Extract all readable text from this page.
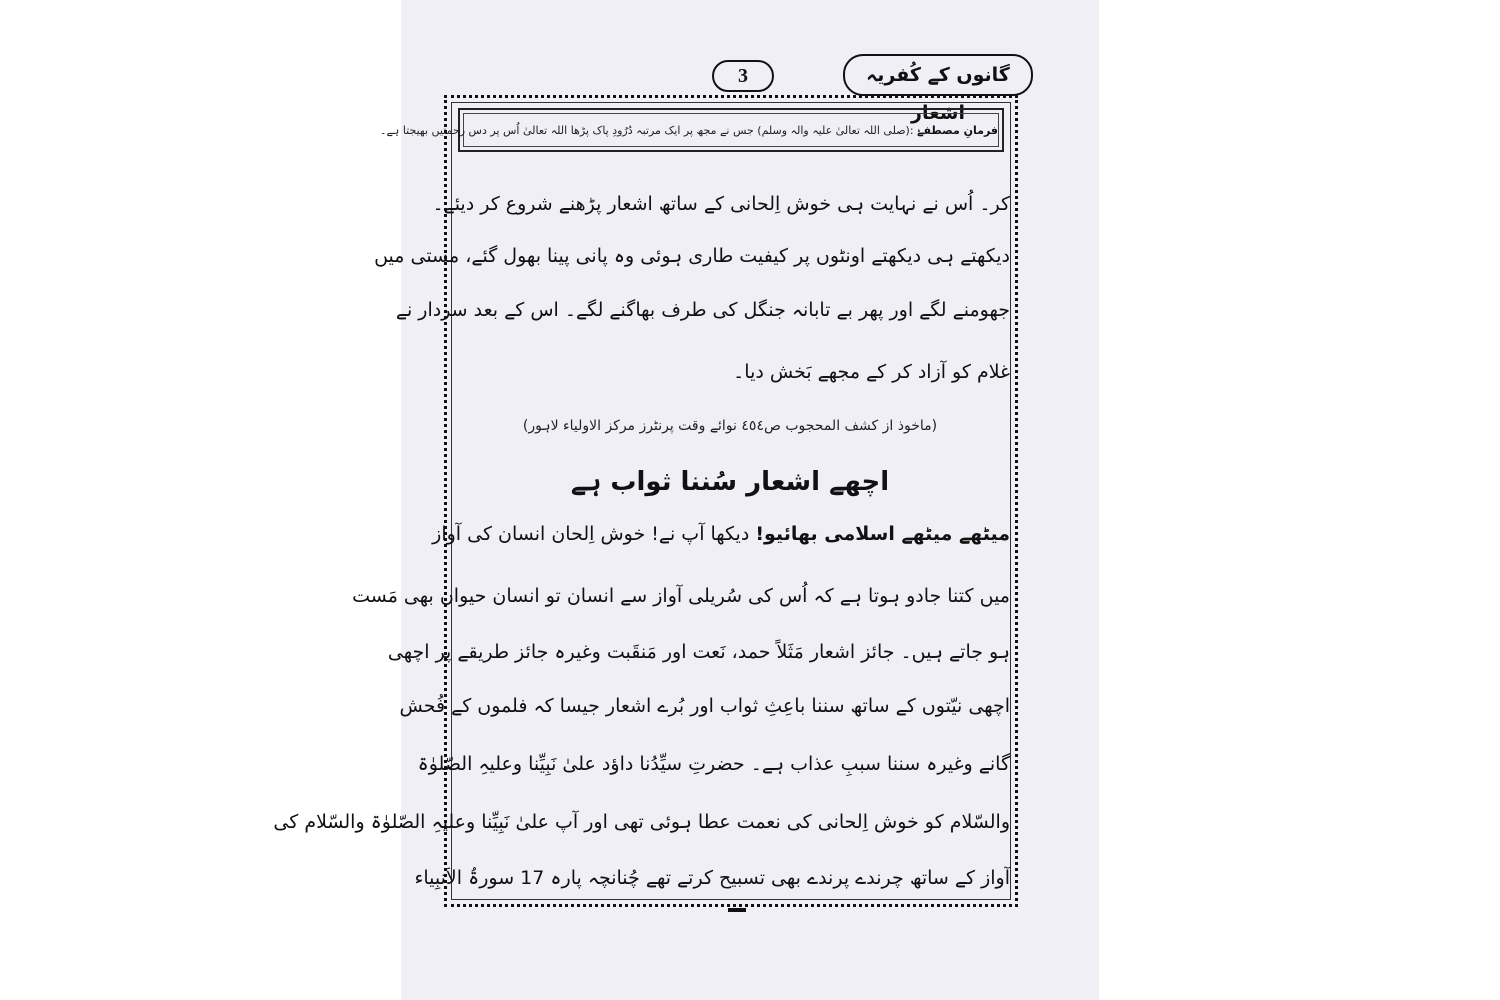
گانوں کے کُفریہ اشعار
3
فرمانِ مصطفےٰ :(صلی اللہ تعالیٰ علیہ والہ وسلم) جس نے مجھ پر ایک مرتبہ دُرُودِ پاک پڑھا اللہ تعالیٰ اُس پر دس رحمتیں بھیجتا ہے۔
کر۔ اُس نے نہایت ہی خوش اِلحانی کے ساتھ اشعار پڑھنے شروع کر دیئے۔
دیکھتے ہی دیکھتے اونٹوں پر کیفیت طاری ہوئی وہ پانی پینا بھول گئے، مستی میں
جھومنے لگے اور پھر بے تابانہ جنگل کی طرف بھاگنے لگے۔ اس کے بعد سردار نے
غلام کو آزاد کر کے مجھے بَخش دیا۔
(ماخوذ از کشف المحجوب ص٤٥٤ نوائے وقت پرنٹرز مرکز الاولیاء لاہور)
اچھے اشعار سُننا ثواب ہے
میٹھے میٹھے اسلامی بھائیو! دیکھا آپ نے! خوش اِلحان انسان کی آواز
میں کتنا جادو ہوتا ہے کہ اُس کی سُریلی آواز سے انسان تو انسان حیوان بھی مَست
ہو جاتے ہیں۔ جائز اشعار مَثَلاً حمد، نَعت اور مَنقَبت وغیرہ جائز طریقے پر اچھی
اچھی نیّتوں کے ساتھ سننا باعِثِ ثواب اور بُرے اشعار جیسا کہ فلموں کے فُحش
گانے وغیرہ سننا سببِ عذاب ہے۔ حضرتِ سیِّدُنا داؤد علیٰ نَبِیِّنا وعلیہِ الصّلوٰۃ
والسّلام کو خوش اِلحانی کی نعمت عطا ہوئی تھی اور آپ علیٰ نَبِیِّنا وعلیہِ الصّلوٰۃ والسّلام کی
آواز کے ساتھ چرندے پرندے بھی تسبیح کرتے تھے چُنانچہ پارہ 17 سورۃُ الاَنبِیاء
